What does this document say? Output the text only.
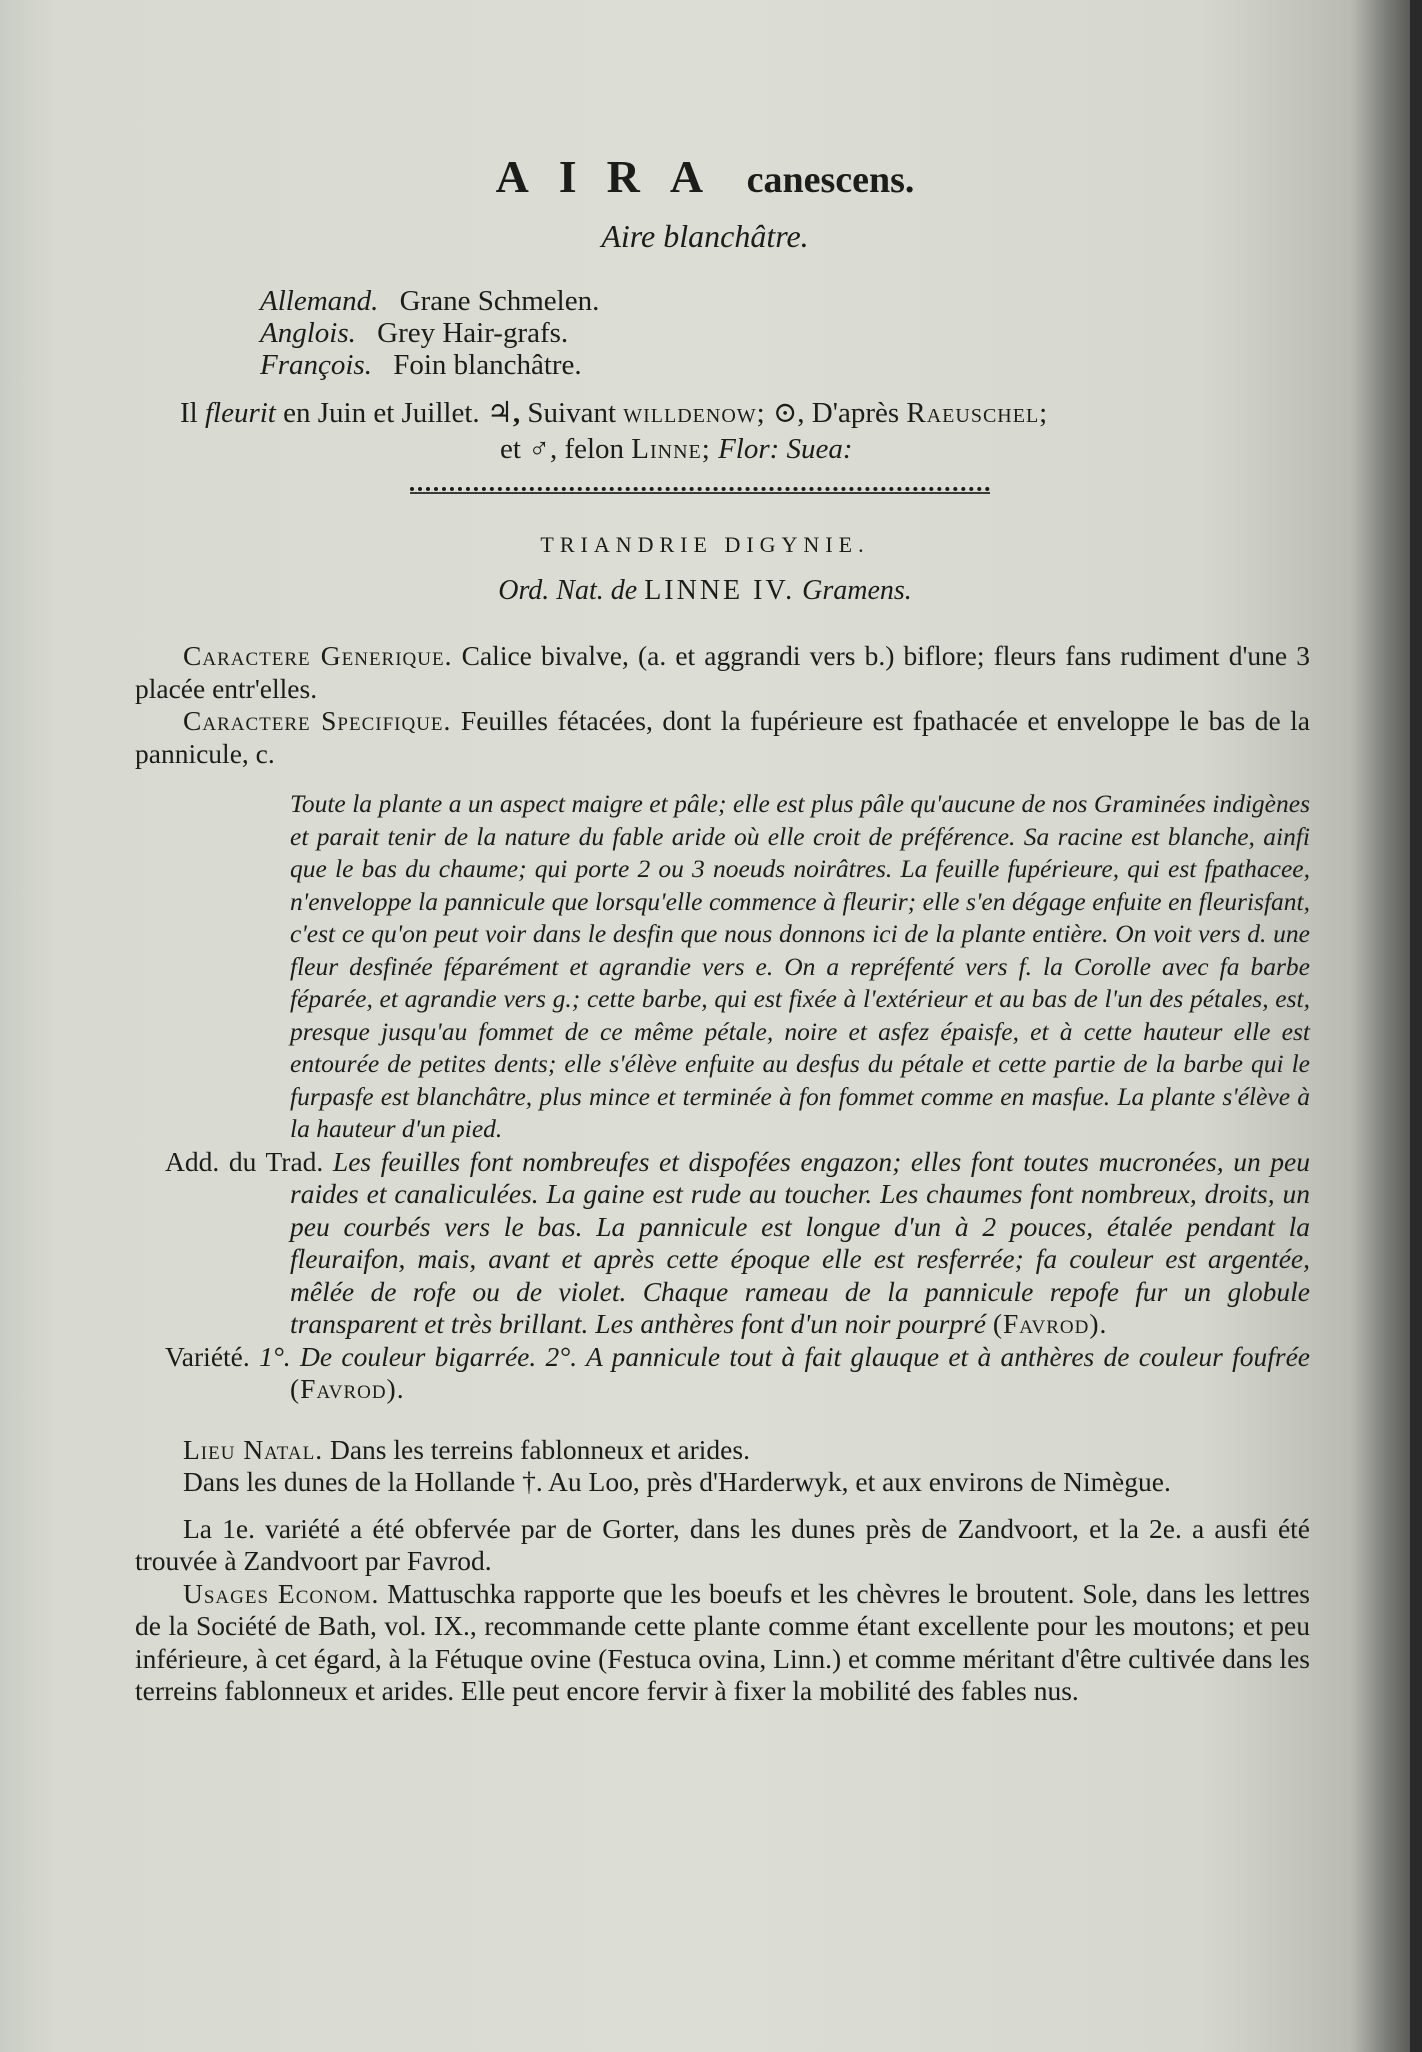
AIRA canescens.
Aire blanchâtre.
Allemand. Grane Schmelen.
Anglois. Grey Hair-grafs.
François. Foin blanchâtre.
Il fleurit en Juin et Juillet. ♃, Suivant willdenow; ⊙, D'après Raeuschel;
et ♂, felon Linne; Flor: Suea:
TRIANDRIE DIGYNIE.
Ord. Nat. de LINNE IV. Gramens.

Caractere Generique. Calice bivalve, (a. et aggrandi vers b.) biflore; fleurs fans rudiment d'une 3 placée entr'elles.

Caractere Specifique. Feuilles fétacées, dont la fupérieure est fpathacée et enveloppe le bas de la pannicule, c.

Toute la plante a un aspect maigre et pâle; elle est plus pâle qu'aucune de nos Graminées indigènes et parait tenir de la nature du fable aride où elle croit de préférence. Sa racine est blanche, ainfi que le bas du chaume; qui porte 2 ou 3 noeuds noirâtres. La feuille fupérieure, qui est fpathacee, n'enveloppe la pannicule que lorsqu'elle commence à fleurir; elle s'en dégage enfuite en fleurisfant, c'est ce qu'on peut voir dans le desfin que nous donnons ici de la plante entière. On voit vers d. une fleur desfinée féparément et agrandie vers e. On a repréfenté vers f. la Corolle avec fa barbe féparée, et agrandie vers g.; cette barbe, qui est fixée à l'extérieur et au bas de l'un des pétales, est, presque jusqu'au fommet de ce même pétale, noire et asfez épaisfe, et à cette hauteur elle est entourée de petites dents; elle s'élève enfuite au desfus du pétale et cette partie de la barbe qui le furpasfe est blanchâtre, plus mince et terminée à fon fommet comme en masfue. La plante s'élève à la hauteur d'un pied.

Add. du Trad. Les feuilles font nombreufes et dispofées engazon; elles font toutes mucronées, un peu raides et canaliculées. La gaine est rude au toucher. Les chaumes font nombreux, droits, un peu courbés vers le bas. La pannicule est longue d'un à 2 pouces, étalée pendant la fleuraifon, mais, avant et après cette époque elle est resferrée; fa couleur est argentée, mêlée de rofe ou de violet. Chaque rameau de la pannicule repofe fur un globule transparent et très brillant. Les anthères font d'un noir pourpré (Favrod).

Variété. 1°. De couleur bigarrée. 2°. A pannicule tout à fait glauque et à anthères de couleur foufrée (Favrod).

Lieu Natal. Dans les terreins fablonneux et arides.

Dans les dunes de la Hollande †. Au Loo, près d'Harderwyk, et aux environs de Nimègue.

La 1e. variété a été obfervée par de Gorter, dans les dunes près de Zandvoort, et la 2e. a ausfi été trouvée à Zandvoort par Favrod.

Usages Econom. Mattuschka rapporte que les boeufs et les chèvres le broutent. Sole, dans les lettres de la Société de Bath, vol. IX., recommande cette plante comme étant excellente pour les moutons; et peu inférieure, à cet égard, à la Fétuque ovine (Festuca ovina, Linn.) et comme méritant d'être cultivée dans les terreins fablonneux et arides. Elle peut encore fervir à fixer la mobilité des fables nus.
